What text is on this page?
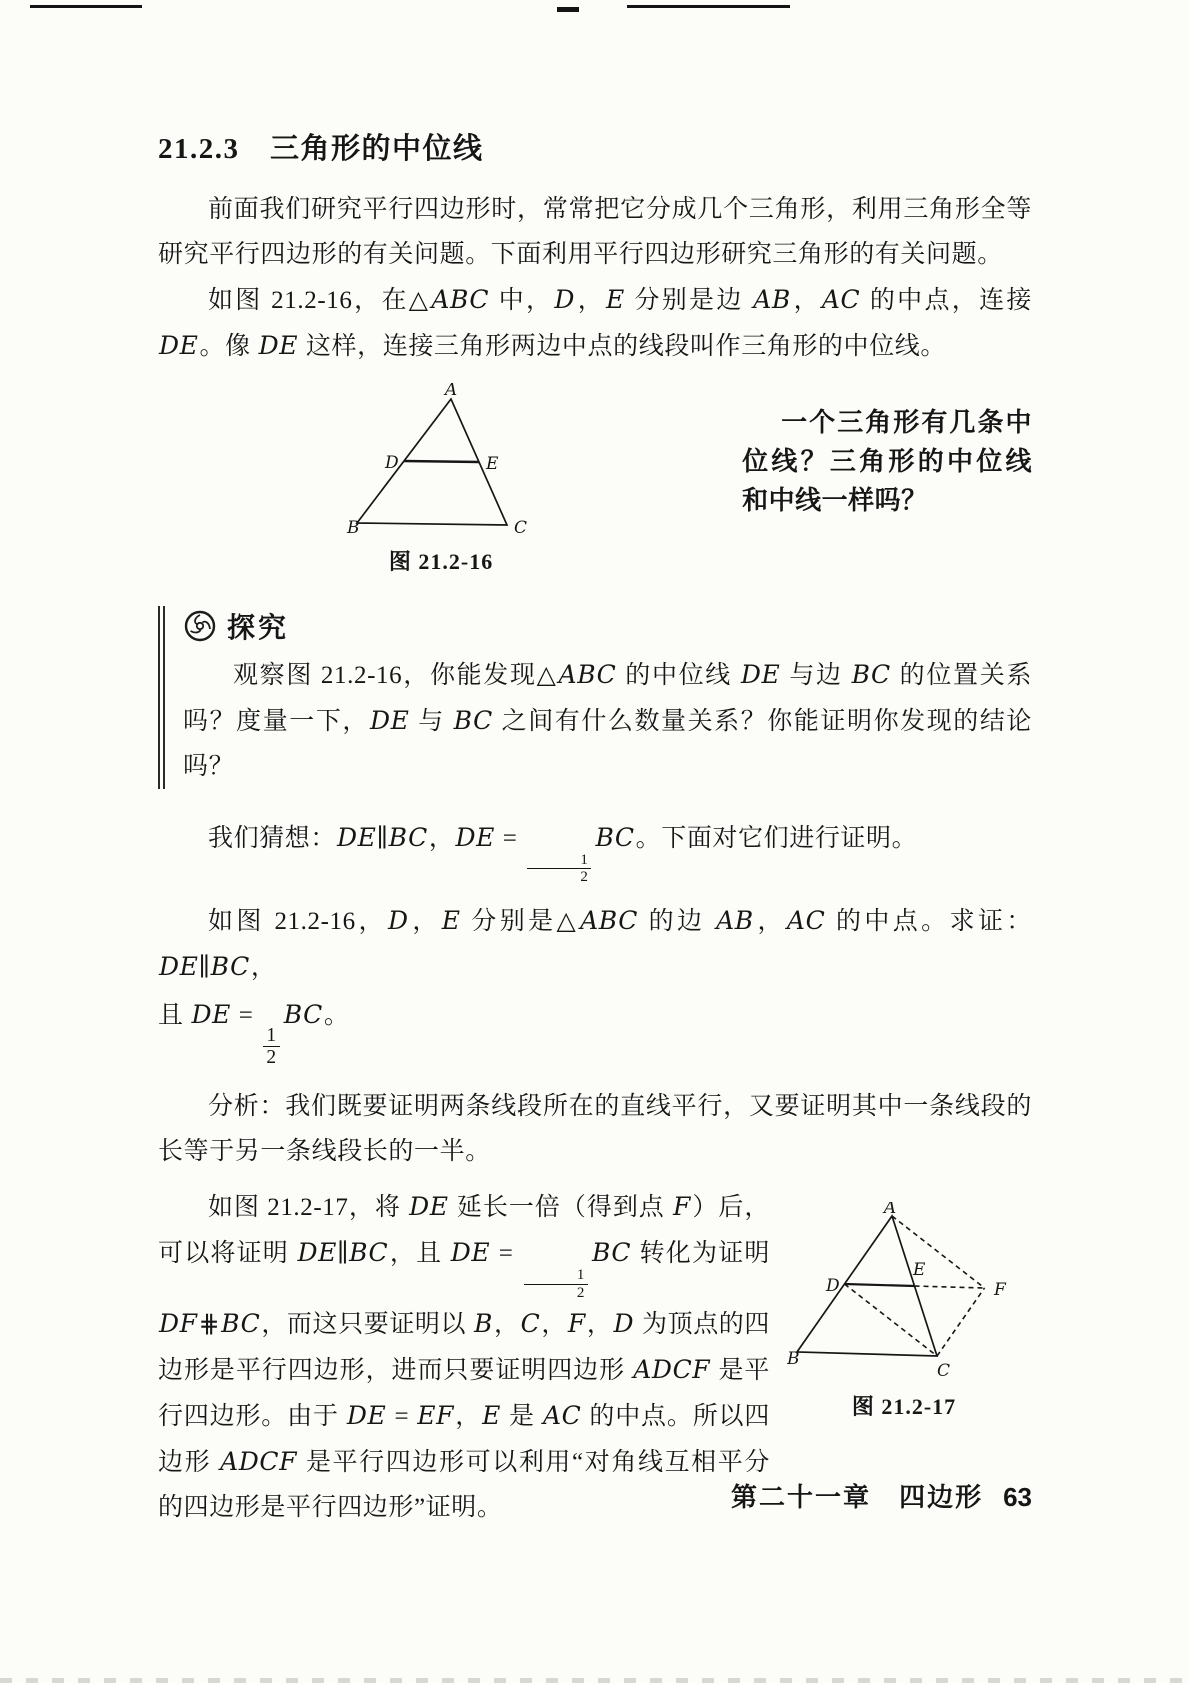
21.2.3　三角形的中位线

前面我们研究平行四边形时，常常把它分成几个三角形，利用三角形全等研究平行四边形的有关问题。下面利用平行四边形研究三角形的有关问题。

如图 21.2-16，在△ABC 中，D，E 分别是边 AB，AC 的中点，连接 DE。像 DE 这样，连接三角形两边中点的线段叫作三角形的中位线。

A
B	C
D	E
图 21.2-16
一个三角形有几条中位线？三角形的中位线和中线一样吗？
探究

观察图 21.2-16，你能发现△ABC 的中位线 DE 与边 BC 的位置关系吗？度量一下，DE 与 BC 之间有什么数量关系？你能证明你发现的结论吗？

我们猜想：DE∥BC，DE =
$\frac{1}{2}$
BC。下面对它们进行证明。

如图 21.2-16，D，E 分别是△ABC 的边 AB，AC 的中点。求证：DE∥BC，

且 DE =
$\frac{1}{2}$
BC。

分析：我们既要证明两条线段所在的直线平行，又要证明其中一条线段的长等于另一条线段长的一半。

A
B
C
D
E
F
图 21.2-17

如图 21.2-17，将 DE 延长一倍（得到点 F）后，可以将证明 DE∥BC，且 DE =
$\frac{1}{2}$
BC 转化为证明 DF⋕BC，而这只要证明以 B，C，F，D 为顶点的四边形是平行四边形，进而只要证明四边形 ADCF 是平行四边形。由于 DE = EF，E 是 AC 的中点。所以四边形 ADCF 是平行四边形可以利用“对角线互相平分的四边形是平行四边形”证明。	第二十一章　 四边形 63
